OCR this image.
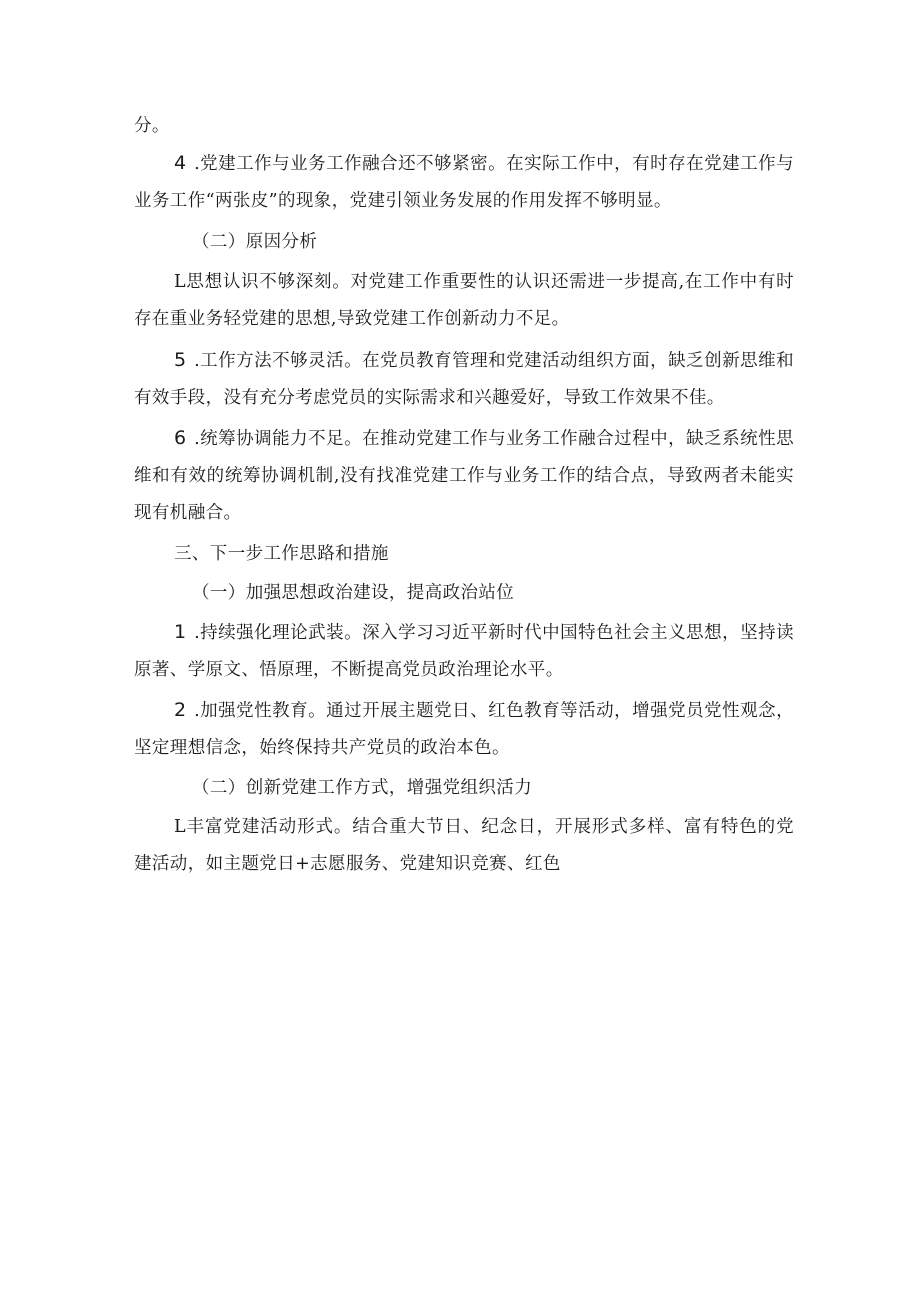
分。

4 .党建工作与业务工作融合还不够紧密。在实际工作中，有时存在党建工作与业务工作“两张皮”的现象，党建引领业务发展的作用发挥不够明显。

（二）原因分析

L思想认识不够深刻。对党建工作重要性的认识还需进一步提高,在工作中有时存在重业务轻党建的思想,导致党建工作创新动力不足。

5 .工作方法不够灵活。在党员教育管理和党建活动组织方面，缺乏创新思维和有效手段，没有充分考虑党员的实际需求和兴趣爱好，导致工作效果不佳。

6 .统筹协调能力不足。在推动党建工作与业务工作融合过程中，缺乏系统性思维和有效的统筹协调机制,没有找准党建工作与业务工作的结合点，导致两者未能实现有机融合。

三、下一步工作思路和措施

（一）加强思想政治建设，提高政治站位

1 .持续强化理论武装。深入学习习近平新时代中国特色社会主义思想，坚持读原著、学原文、悟原理，不断提高党员政治理论水平。

2 .加强党性教育。通过开展主题党日、红色教育等活动，增强党员党性观念，坚定理想信念，始终保持共产党员的政治本色。

（二）创新党建工作方式，增强党组织活力

L丰富党建活动形式。结合重大节日、纪念日，开展形式多样、富有特色的党建活动，如主题党日+志愿服务、党建知识竞赛、红色
